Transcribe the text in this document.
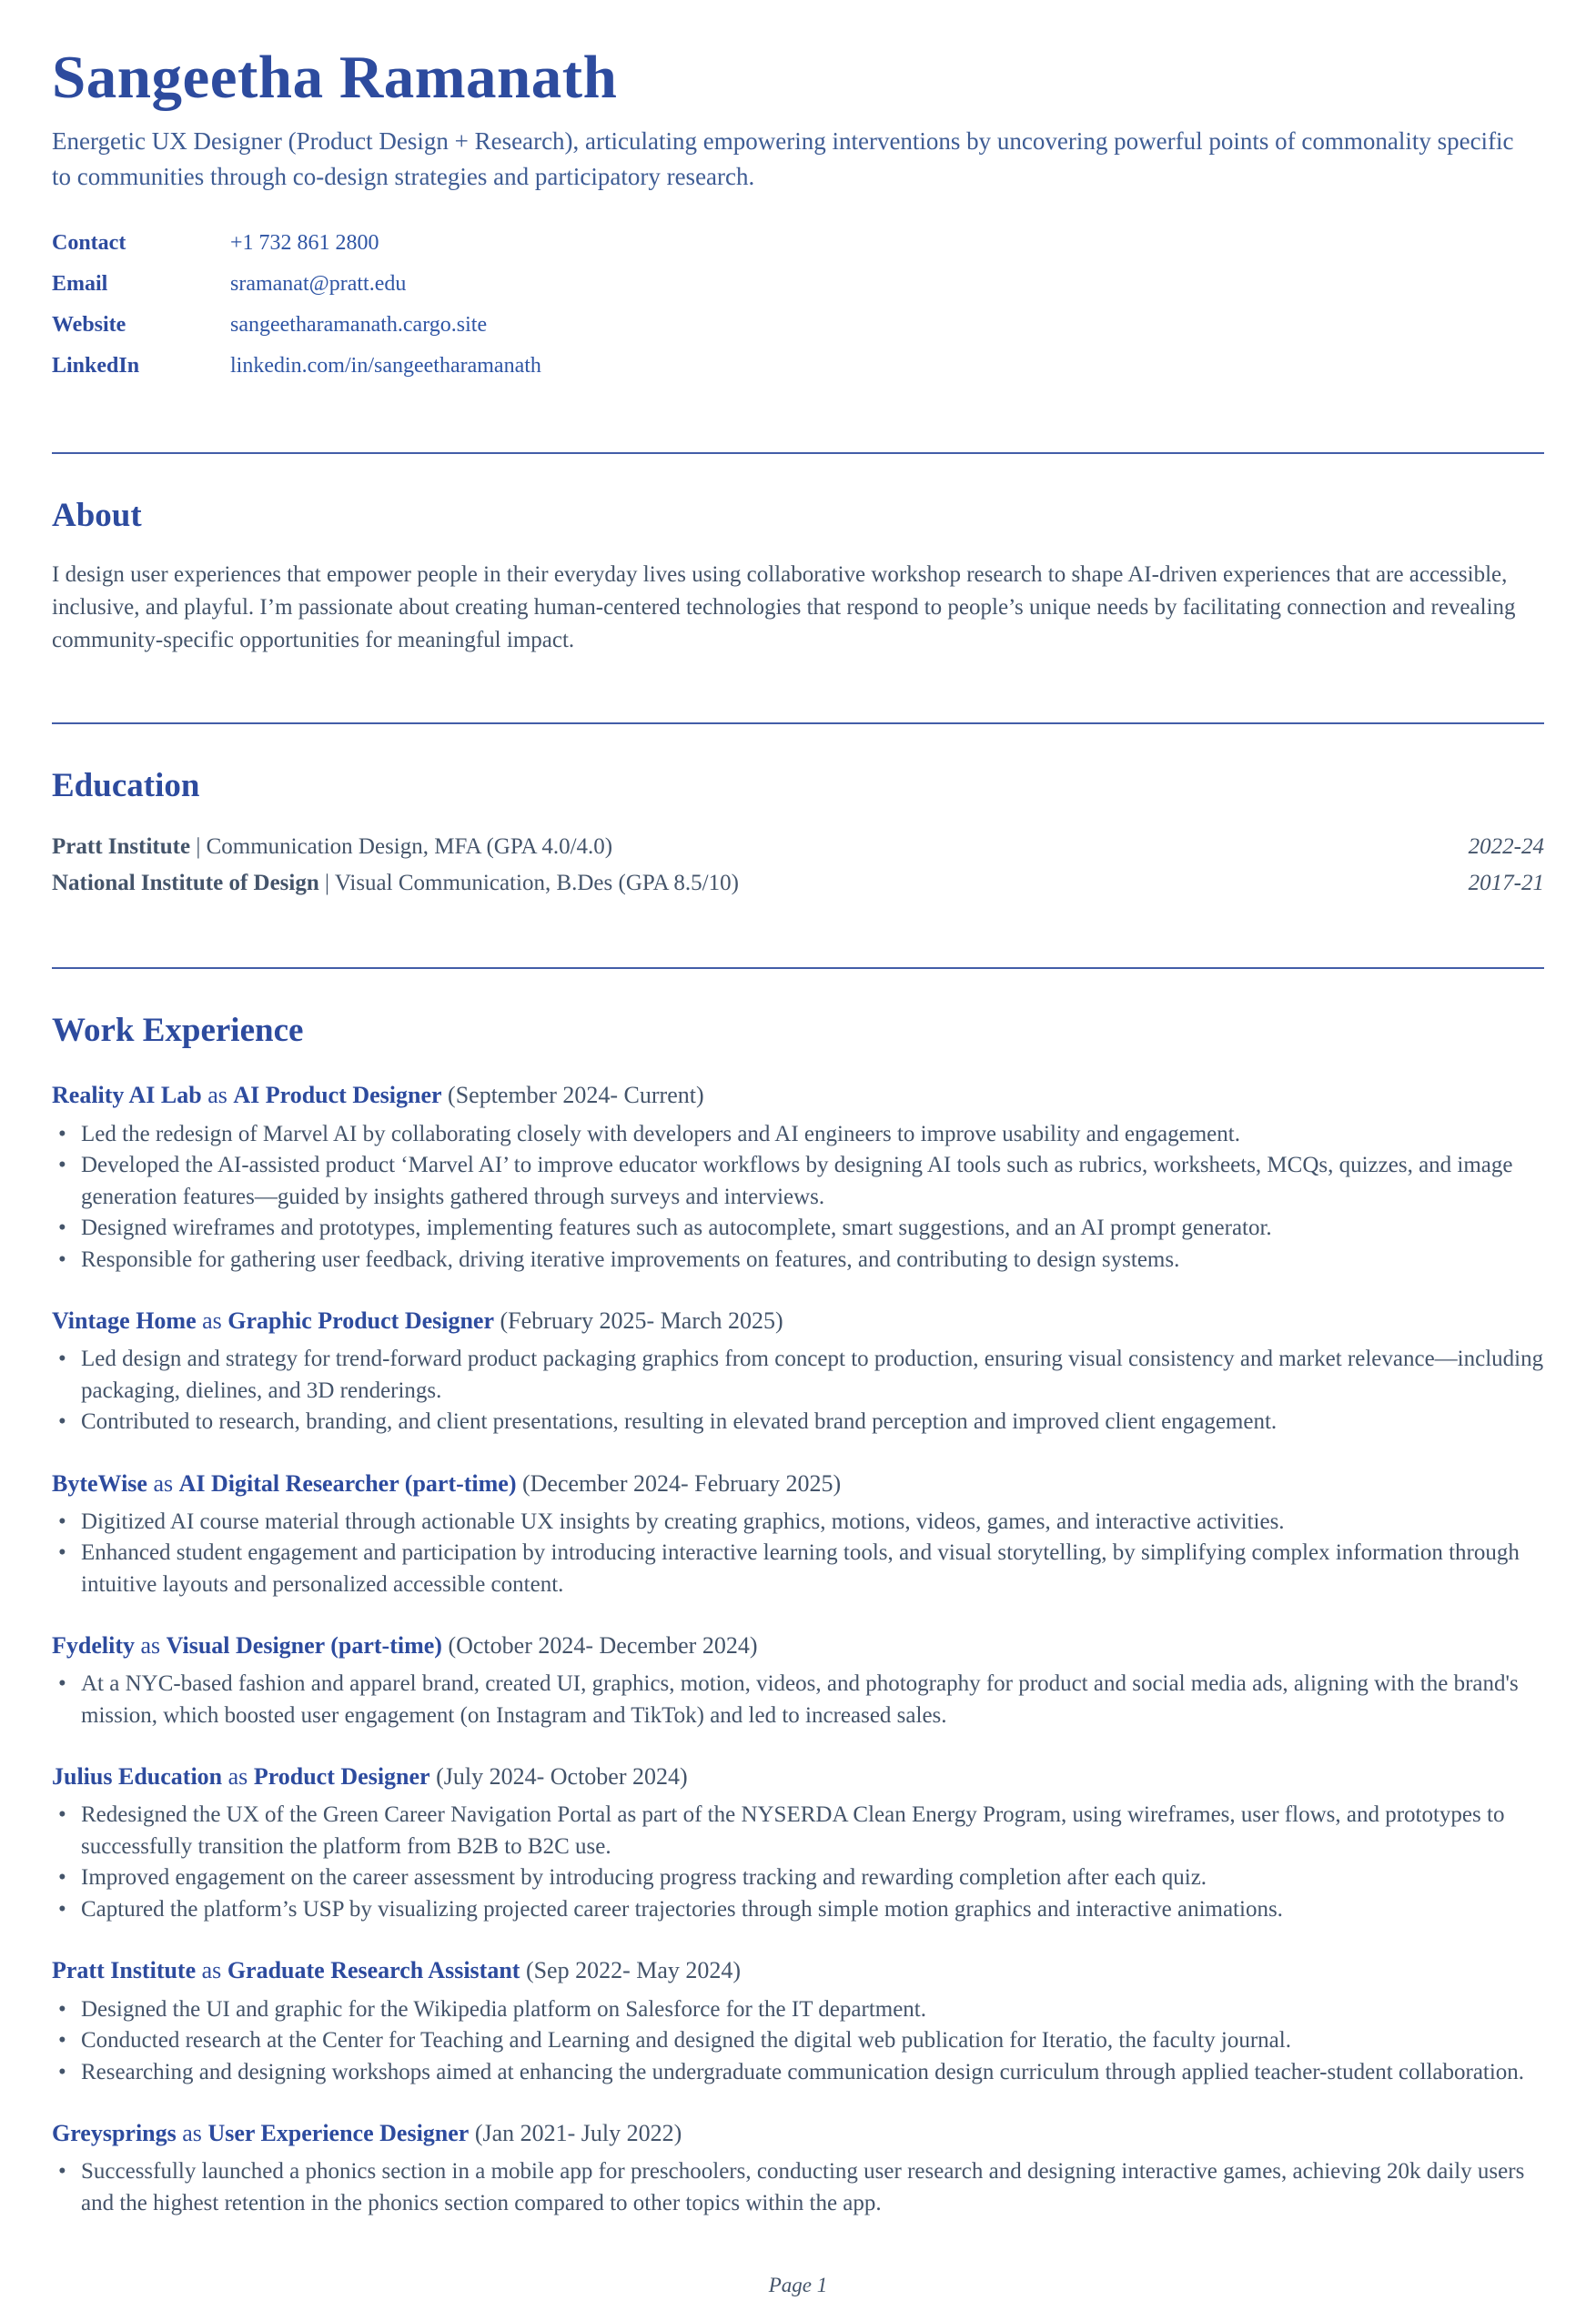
Sangeetha Ramanath

Energetic UX Designer (Product Design + Research), articulating empowering interventions by uncovering powerful points of commonality specific to communities through co-design strategies and participatory research.

Contact	+1 732 861 2800
Email	sramanat@pratt.edu
Website	sangeetharamanath.cargo.site
LinkedIn	linkedin.com/in/sangeetharamanath
About

I design user experiences that empower people in their everyday lives using collaborative workshop research to shape AI-driven experiences that are accessible, inclusive, and playful. I’m passionate about creating human-centered technologies that respond to people’s unique needs by facilitating connection and revealing community-specific opportunities for meaningful impact.

Education
Pratt Institute | Communication Design, MFA (GPA 4.0/4.0)	2022-24
National Institute of Design | Visual Communication, B.Des (GPA 8.5/10)	2017-21
Work Experience
Reality AI Lab as AI Product Designer (September 2024- Current)
• Led the redesign of Marvel AI by collaborating closely with developers and AI engineers to improve usability and engagement.
• Developed the AI-assisted product ‘Marvel AI’ to improve educator workflows by designing AI tools such as rubrics, worksheets, MCQs, quizzes, and image generation features—guided by insights gathered through surveys and interviews.
• Designed wireframes and prototypes, implementing features such as autocomplete, smart suggestions, and an AI prompt generator.
• Responsible for gathering user feedback, driving iterative improvements on features, and contributing to design systems.
Vintage Home as Graphic Product Designer (February 2025- March 2025)
• Led design and strategy for trend-forward product packaging graphics from concept to production, ensuring visual consistency and market relevance—including packaging, dielines, and 3D renderings.
• Contributed to research, branding, and client presentations, resulting in elevated brand perception and improved client engagement.
ByteWise as AI Digital Researcher (part-time) (December 2024- February 2025)
• Digitized AI course material through actionable UX insights by creating graphics, motions, videos, games, and interactive activities.
• Enhanced student engagement and participation by introducing interactive learning tools, and visual storytelling, by simplifying complex information through intuitive layouts and personalized accessible content.
Fydelity as Visual Designer (part-time) (October 2024- December 2024)
• At a NYC-based fashion and apparel brand, created UI, graphics, motion, videos, and photography for product and social media ads, aligning with the brand's mission, which boosted user engagement (on Instagram and TikTok) and led to increased sales.
Julius Education as Product Designer (July 2024- October 2024)
• Redesigned the UX of the Green Career Navigation Portal as part of the NYSERDA Clean Energy Program, using wireframes, user flows, and prototypes to successfully transition the platform from B2B to B2C use.
• Improved engagement on the career assessment by introducing progress tracking and rewarding completion after each quiz.
• Captured the platform’s USP by visualizing projected career trajectories through simple motion graphics and interactive animations.
Pratt Institute as Graduate Research Assistant (Sep 2022- May 2024)
• Designed the UI and graphic for the Wikipedia platform on Salesforce for the IT department.
• Conducted research at the Center for Teaching and Learning and designed the digital web publication for Iteratio, the faculty journal.
• Researching and designing workshops aimed at enhancing the undergraduate communication design curriculum through applied teacher-student collaboration.
Greysprings as User Experience Designer (Jan 2021- July 2022)
• Successfully launched a phonics section in a mobile app for preschoolers, conducting user research and designing interactive games, achieving 20k daily users and the highest retention in the phonics section compared to other topics within the app.
Page 1
